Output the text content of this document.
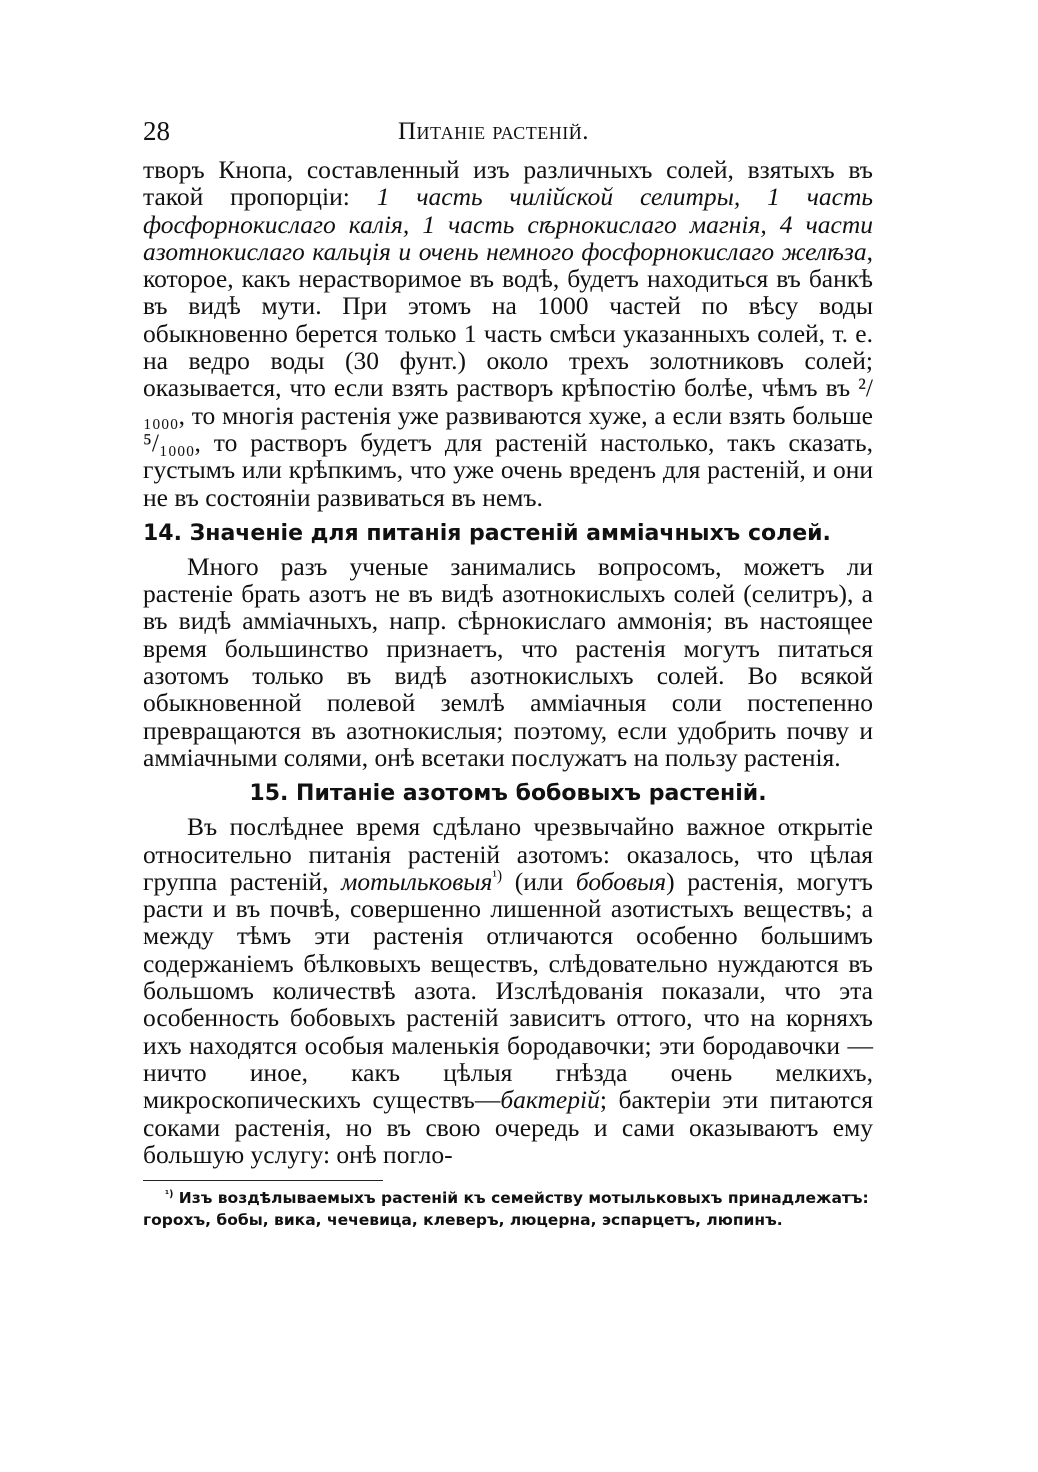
28	Питаніе растеній.

творъ Кнопа, составленный изъ различныхъ солей, взятыхъ въ такой пропорціи: 1 часть чилійской селитры, 1 часть фосфорнокислаго калія, 1 часть сѣрнокислаго магнія, 4 части азотнокислаго кальція и очень немного фосфорнокислаго желѣза, которое, какъ нерастворимое въ водѣ, будетъ находиться въ банкѣ въ видѣ мути. При этомъ на 1000 частей по вѣсу воды обыкновенно берется только 1 часть смѣси указанныхъ солей, т. е. на ведро воды (30 фунт.) около трехъ золотниковъ солей; оказывается, что если взять растворъ крѣпостію болѣе, чѣмъ въ ²/₁₀₀₀, то многія растенія уже развиваются хуже, а если взять больше ⁵/₁₀₀₀, то растворъ будетъ для растеній настолько, такъ сказать, густымъ или крѣпкимъ, что уже очень вреденъ для растеній, и они не въ состояніи развиваться въ немъ.

14. Значеніе для питанія растеній амміачныхъ солей.

Много разъ ученые занимались вопросомъ, можетъ ли растеніе брать азотъ не въ видѣ азотнокислыхъ солей (селитръ), а въ видѣ амміачныхъ, напр. сѣрнокислаго аммонія; въ настоящее время большинство признаетъ, что растенія могутъ питаться азотомъ только въ видѣ азотнокислыхъ солей. Во всякой обыкновенной полевой землѣ амміачныя соли постепенно превращаются въ азотнокислыя; поэтому, если удобрить почву и амміачными солями, онѣ всетаки послужатъ на пользу растенія.

15. Питаніе азотомъ бобовыхъ растеній.

Въ послѣднее время сдѣлано чрезвычайно важное открытіе относительно питанія растеній азотомъ: оказалось, что цѣлая группа растеній, мотыльковыя$^{^1)}$ (или бобовыя) растенія, могутъ расти и въ почвѣ, совершенно лишенной азотистыхъ веществъ; а между тѣмъ эти растенія отличаются особенно большимъ содержаніемъ бѣлковыхъ веществъ, слѣдовательно нуждаются въ большомъ количествѣ азота. Изслѣдованія показали, что эта особенность бобовыхъ растеній зависитъ оттого, что на корняхъ ихъ находятся особыя маленькія бородавочки; эти бородавочки — ничто иное, какъ цѣлыя гнѣзда очень мелкихъ, микроскопическихъ существъ—бактерій; бактеріи эти питаются соками растенія, но въ свою очередь и сами оказываютъ ему большую услугу: онѣ погло-

$^{^1)}$ Изъ воздѣлываемыхъ растеній къ семейству мотыльковыхъ принадлежатъ: горохъ, бобы, вика, чечевица, клеверъ, люцерна, эспарцетъ, люпинъ.
